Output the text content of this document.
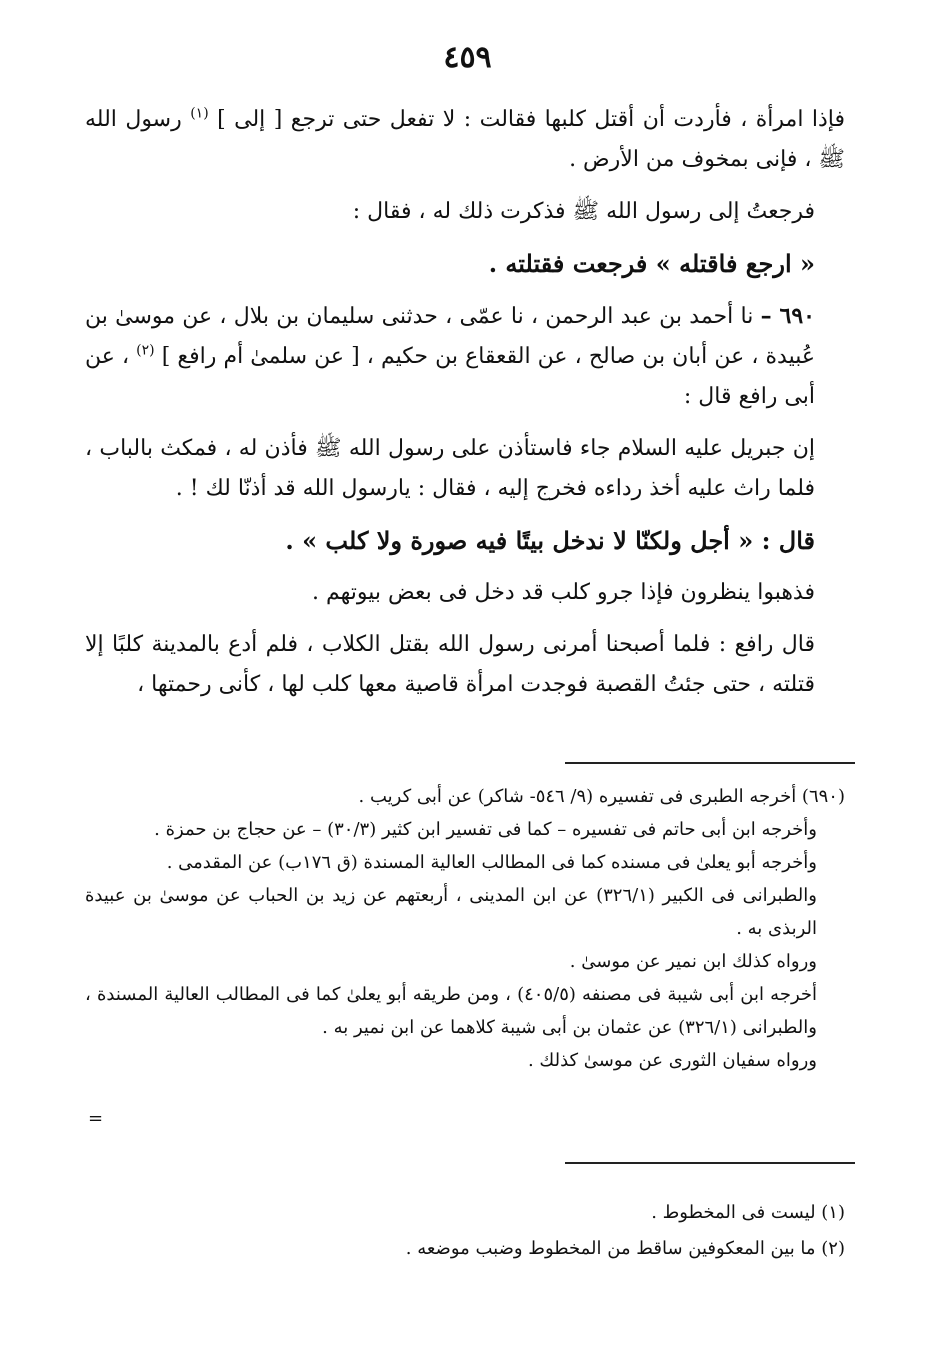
٤٥٩

فإذا امرأة ، فأردت أن أقتل كلبها فقالت : لا تفعل حتى ترجع [ إلى ] $^{(١)}$ رسول الله ﷺ ، فإنى بمخوف من الأرض .

فرجعتُ إلى رسول الله ﷺ فذكرت ذلك له ، فقال :

« ارجع فاقتله » فرجعت فقتلته .

٦٩٠ – نا أحمد بن عبد الرحمن ، نا عمّى ، حدثنى سليمان بن بلال ، عن موسىٰ بن عُبيدة ، عن أبان بن صالح ، عن القعقاع بن حكيم ، [ عن سلمىٰ أم رافع ] $^{(٢)}$ ، عن أبى رافع قال :

إن جبريل عليه السلام جاء فاستأذن على رسول الله ﷺ فأذن له ، فمكث بالباب ، فلما راث عليه أخذ رداءه فخرج إليه ، فقال : يارسول الله قد أذنّا لك ! .

قال : « أجل ولكنّا لا ندخل بيتًا فيه صورة ولا كلب » .

فذهبوا ينظرون فإذا جرو كلب قد دخل فى بعض بيوتهم .

قال رافع : فلما أصبحنا أمرنى رسول الله بقتل الكلاب ، فلم أدع بالمدينة كلبًا إلا قتلته ، حتى جئتُ القصبة فوجدت امرأة قاصية معها كلب لها ، كأنى رحمتها ،

(٦٩٠) أخرجه الطبرى فى تفسيره (٩/ ٥٤٦- شاكر) عن أبى كريب .

وأخرجه ابن أبى حاتم فى تفسيره – كما فى تفسير ابن كثير (٣٠/٣) – عن حجاج بن حمزة .

وأخرجه أبو يعلىٰ فى مسنده كما فى المطالب العالية المسندة (ق ١٧٦ب) عن المقدمى .

والطبرانى فى الكبير (٣٢٦/١) عن ابن المدينى ، أربعتهم عن زيد بن الحباب عن موسىٰ بن عبيدة الربذى به .

ورواه كذلك ابن نمير عن موسىٰ .

أخرجه ابن أبى شيبة فى مصنفه (٤٠٥/٥) ، ومن طريقه أبو يعلىٰ كما فى المطالب العالية المسندة ، والطبرانى (٣٢٦/١) عن عثمان بن أبى شيبة كلاهما عن ابن نمير به .

ورواه سفيان الثورى عن موسىٰ كذلك .

=

(١) ليست فى المخطوط .

(٢) ما بين المعكوفين ساقط من المخطوط وضبب موضعه .
